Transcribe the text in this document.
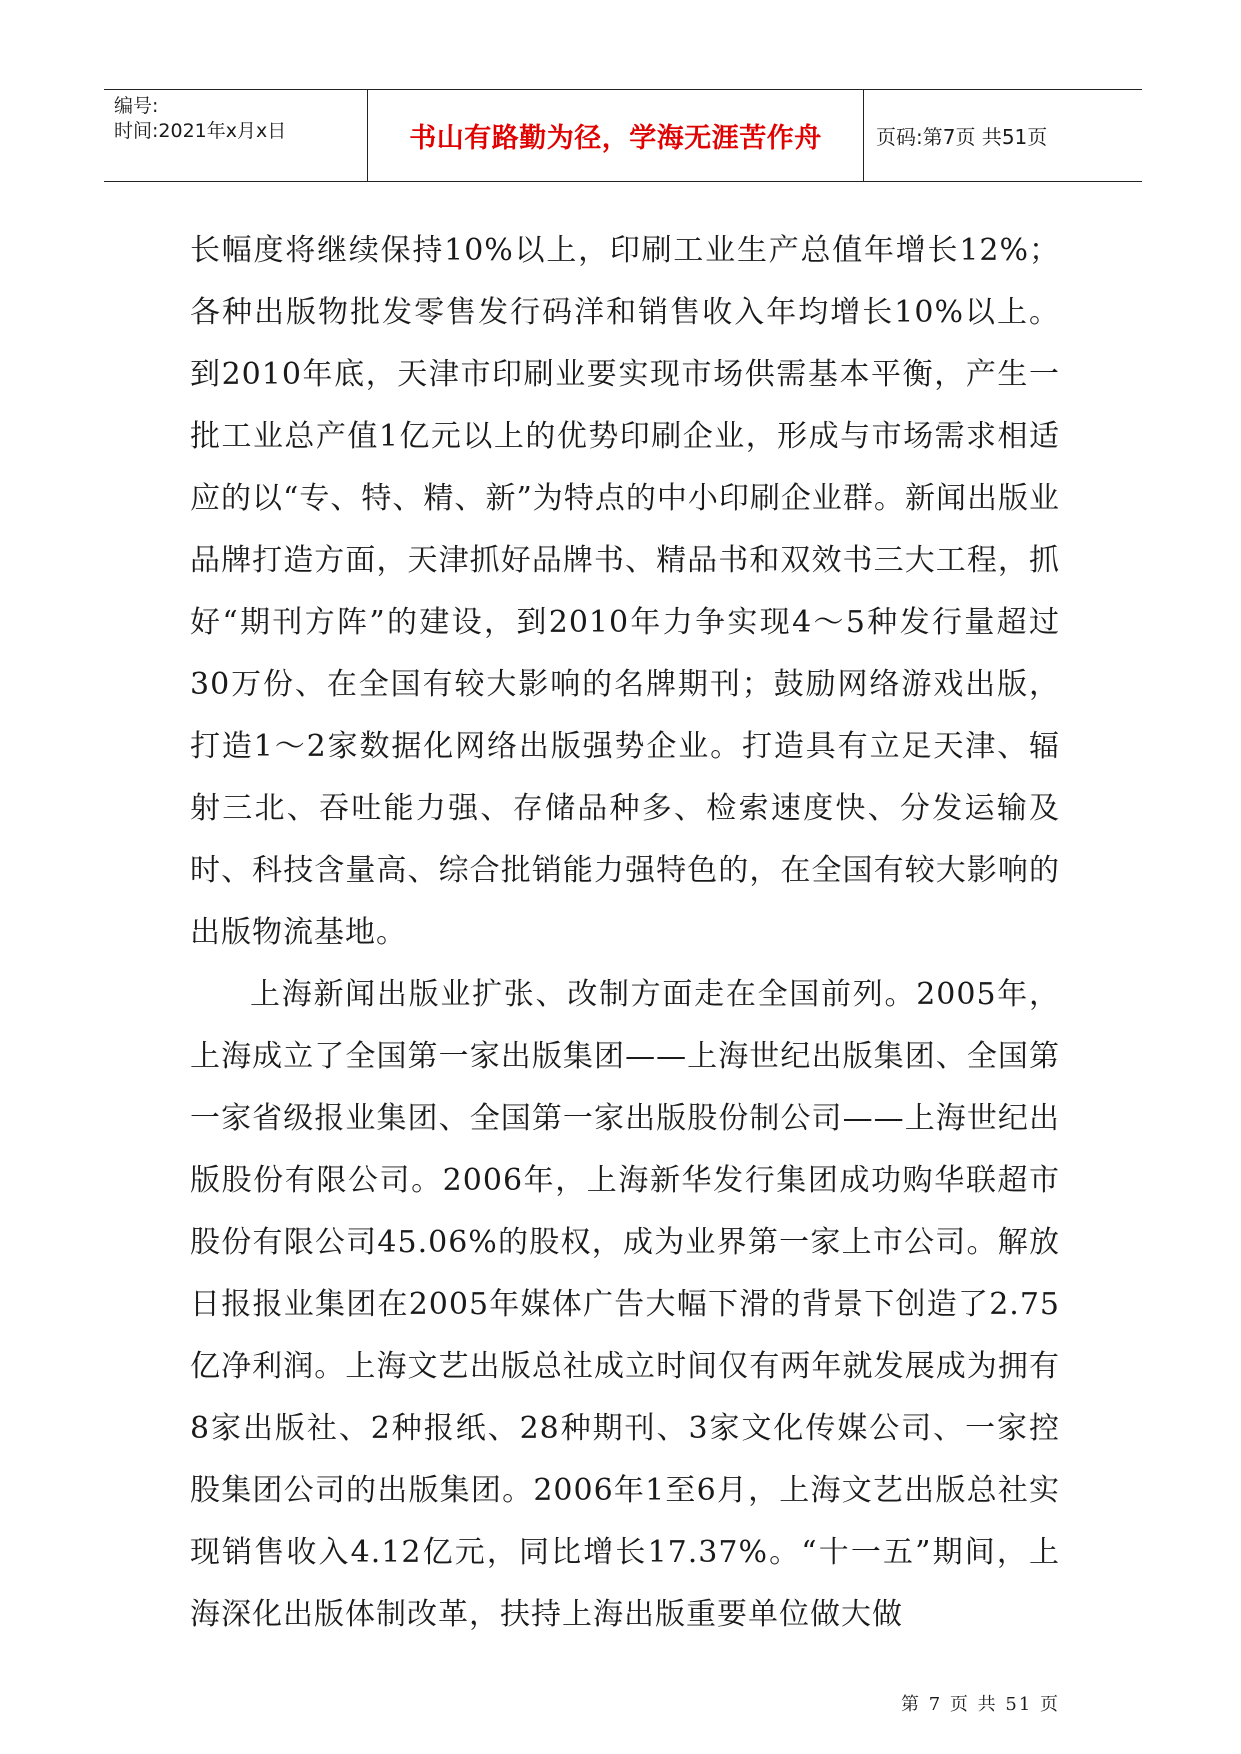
编号:
时间:2021年x月x日	书山有路勤为径，学海无涯苦作舟	页码:第7页 共51页

长幅度将继续保持10%以上，印刷工业生产总值年增长12%；各种出版物批发零售发行码洋和销售收入年均增长10%以上。到2010年底，天津市印刷业要实现市场供需基本平衡，产生一批工业总产值1亿元以上的优势印刷企业，形成与市场需求相适应的以“专、特、精、新”为特点的中小印刷企业群。新闻出版业品牌打造方面，天津抓好品牌书、精品书和双效书三大工程，抓好“期刊方阵”的建设，到2010年力争实现4～5种发行量超过30万份、在全国有较大影响的名牌期刊；鼓励网络游戏出版，打造1～2家数据化网络出版强势企业。打造具有立足天津、辐射三北、吞吐能力强、存储品种多、检索速度快、分发运输及时、科技含量高、综合批销能力强特色的，在全国有较大影响的出版物流基地。

上海新闻出版业扩张、改制方面走在全国前列。2005年，上海成立了全国第一家出版集团——上海世纪出版集团、全国第一家省级报业集团、全国第一家出版股份制公司——上海世纪出版股份有限公司。2006年，上海新华发行集团成功购华联超市股份有限公司45.06%的股权，成为业界第一家上市公司。解放日报报业集团在2005年媒体广告大幅下滑的背景下创造了2.75亿净利润。上海文艺出版总社成立时间仅有两年就发展成为拥有8家出版社、2种报纸、28种期刊、3家文化传媒公司、一家控股集团公司的出版集团。2006年1至6月，上海文艺出版总社实现销售收入4.12亿元，同比增长17.37%。“十一五”期间，上海深化出版体制改革，扶持上海出版重要单位做大做

第 7 页 共 51 页
